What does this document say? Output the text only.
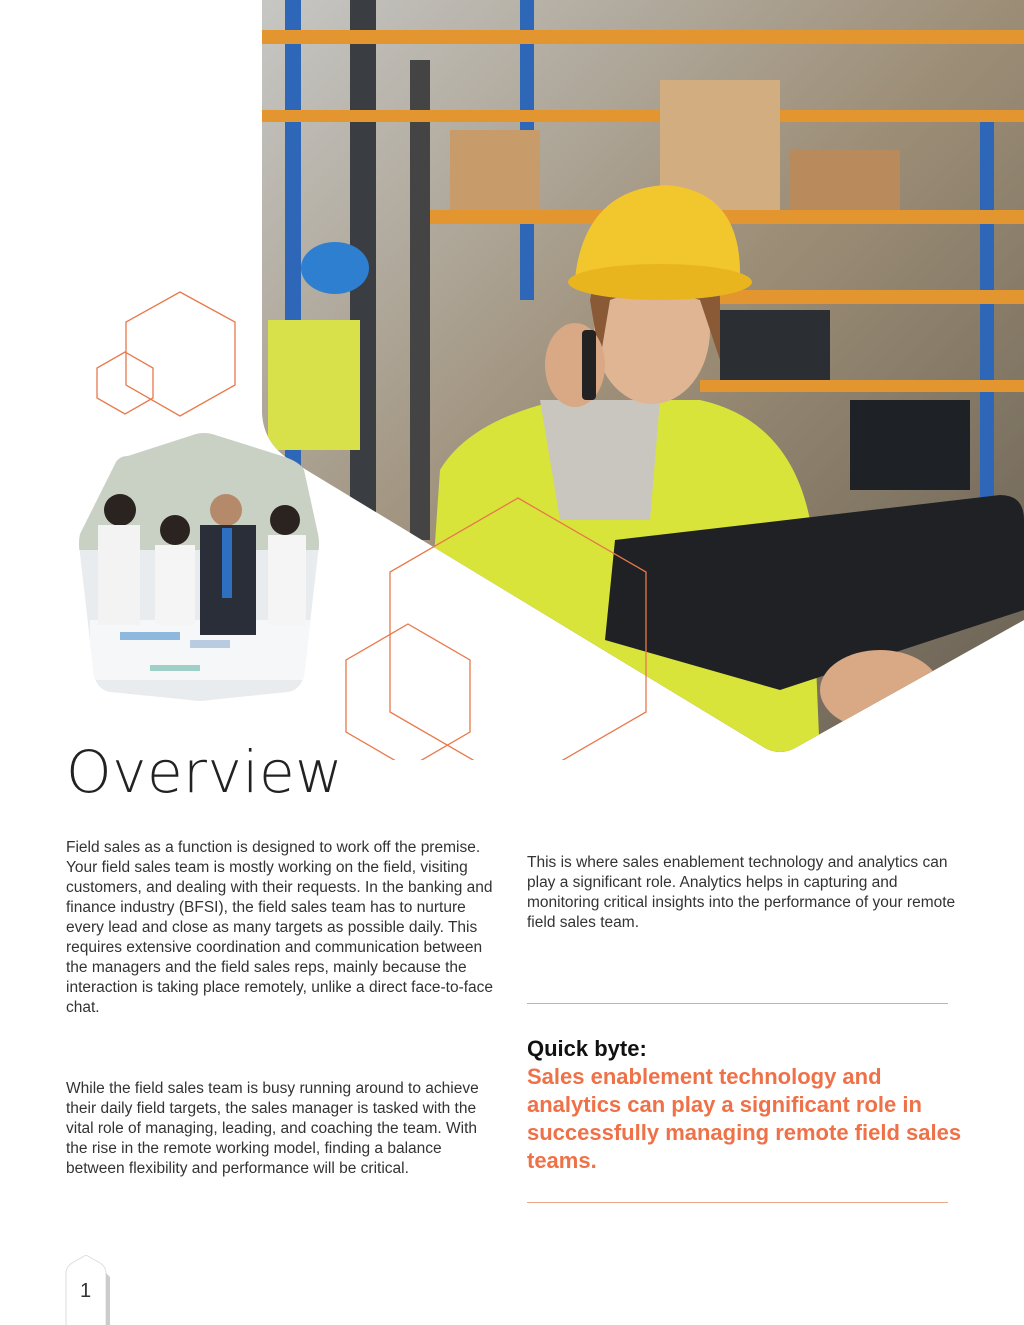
Overview
Field sales as a function is designed to work off the premise. Your field sales team is mostly working on the field, visiting customers, and dealing with their requests. In the banking and finance industry (BFSI), the field sales team has to nurture every lead and close as many targets as possible daily. This requires extensive coordination and communication between the managers and the field sales reps, mainly because the interaction is taking place remotely, unlike a direct face-to-face chat.
While the field sales team is busy running around to achieve their daily field targets, the sales manager is tasked with the vital role of managing, leading, and coaching the team. With the rise in the remote working model, finding a balance between flexibility and performance will be critical.
This is where sales enablement technology and analytics can play a significant role. Analytics helps in capturing and monitoring critical insights into the performance of your remote field sales team.
Quick byte:
Sales enablement technology and analytics can play a significant role in successfully managing remote field sales teams.
1
